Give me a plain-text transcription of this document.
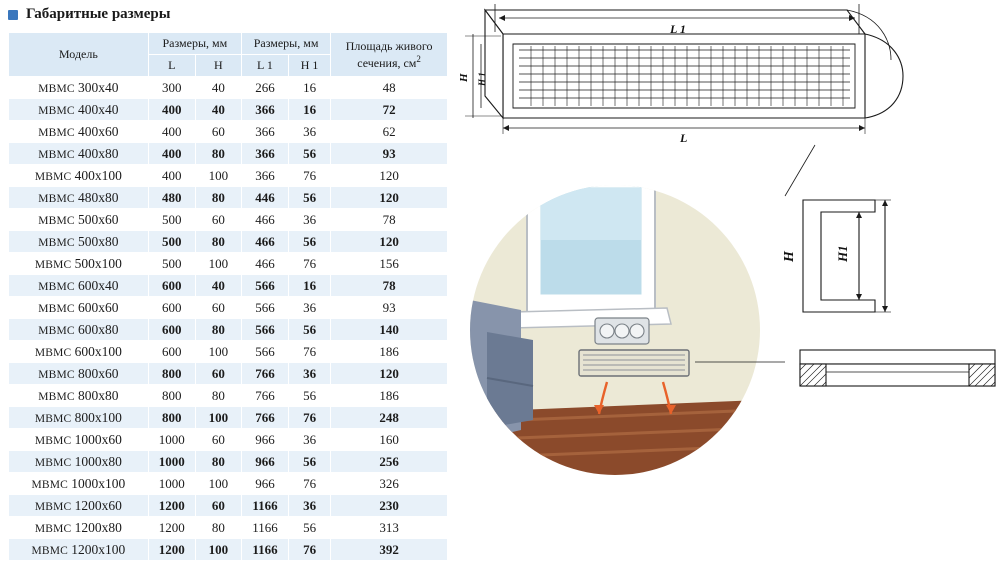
Габаритные размеры
Модель	Размеры, мм		Размеры, мм		Площадь живого сечения, $см^2$
	L	H	L 1	H 1	
МВМС 300х40	300	40	266	16	48
МВМС 400х40	400	40	366	16	72
МВМС 400х60	400	60	366	36	62
МВМС 400х80	400	80	366	56	93
МВМС 400х100	400	100	366	76	120
МВМС 480х80	480	80	446	56	120
МВМС 500х60	500	60	466	36	78
МВМС 500х80	500	80	466	56	120
МВМС 500х100	500	100	466	76	156
МВМС 600х40	600	40	566	16	78
МВМС 600х60	600	60	566	36	93
МВМС 600х80	600	80	566	56	140
МВМС 600х100	600	100	566	76	186
МВМС 800х60	800	60	766	36	120
МВМС 800х80	800	80	766	56	186
МВМС 800х100	800	100	766	76	248
МВМС 1000х60	1000	60	966	36	160
МВМС 1000х80	1000	80	966	56	256
МВМС 1000х100	1000	100	966	76	326
МВМС 1200х60	1200	60	1166	36	230
МВМС 1200х80	1200	80	1166	56	313
МВМС 1200х100	1200	100	1166	76	392
L 1
L
H H 1
H	H1
